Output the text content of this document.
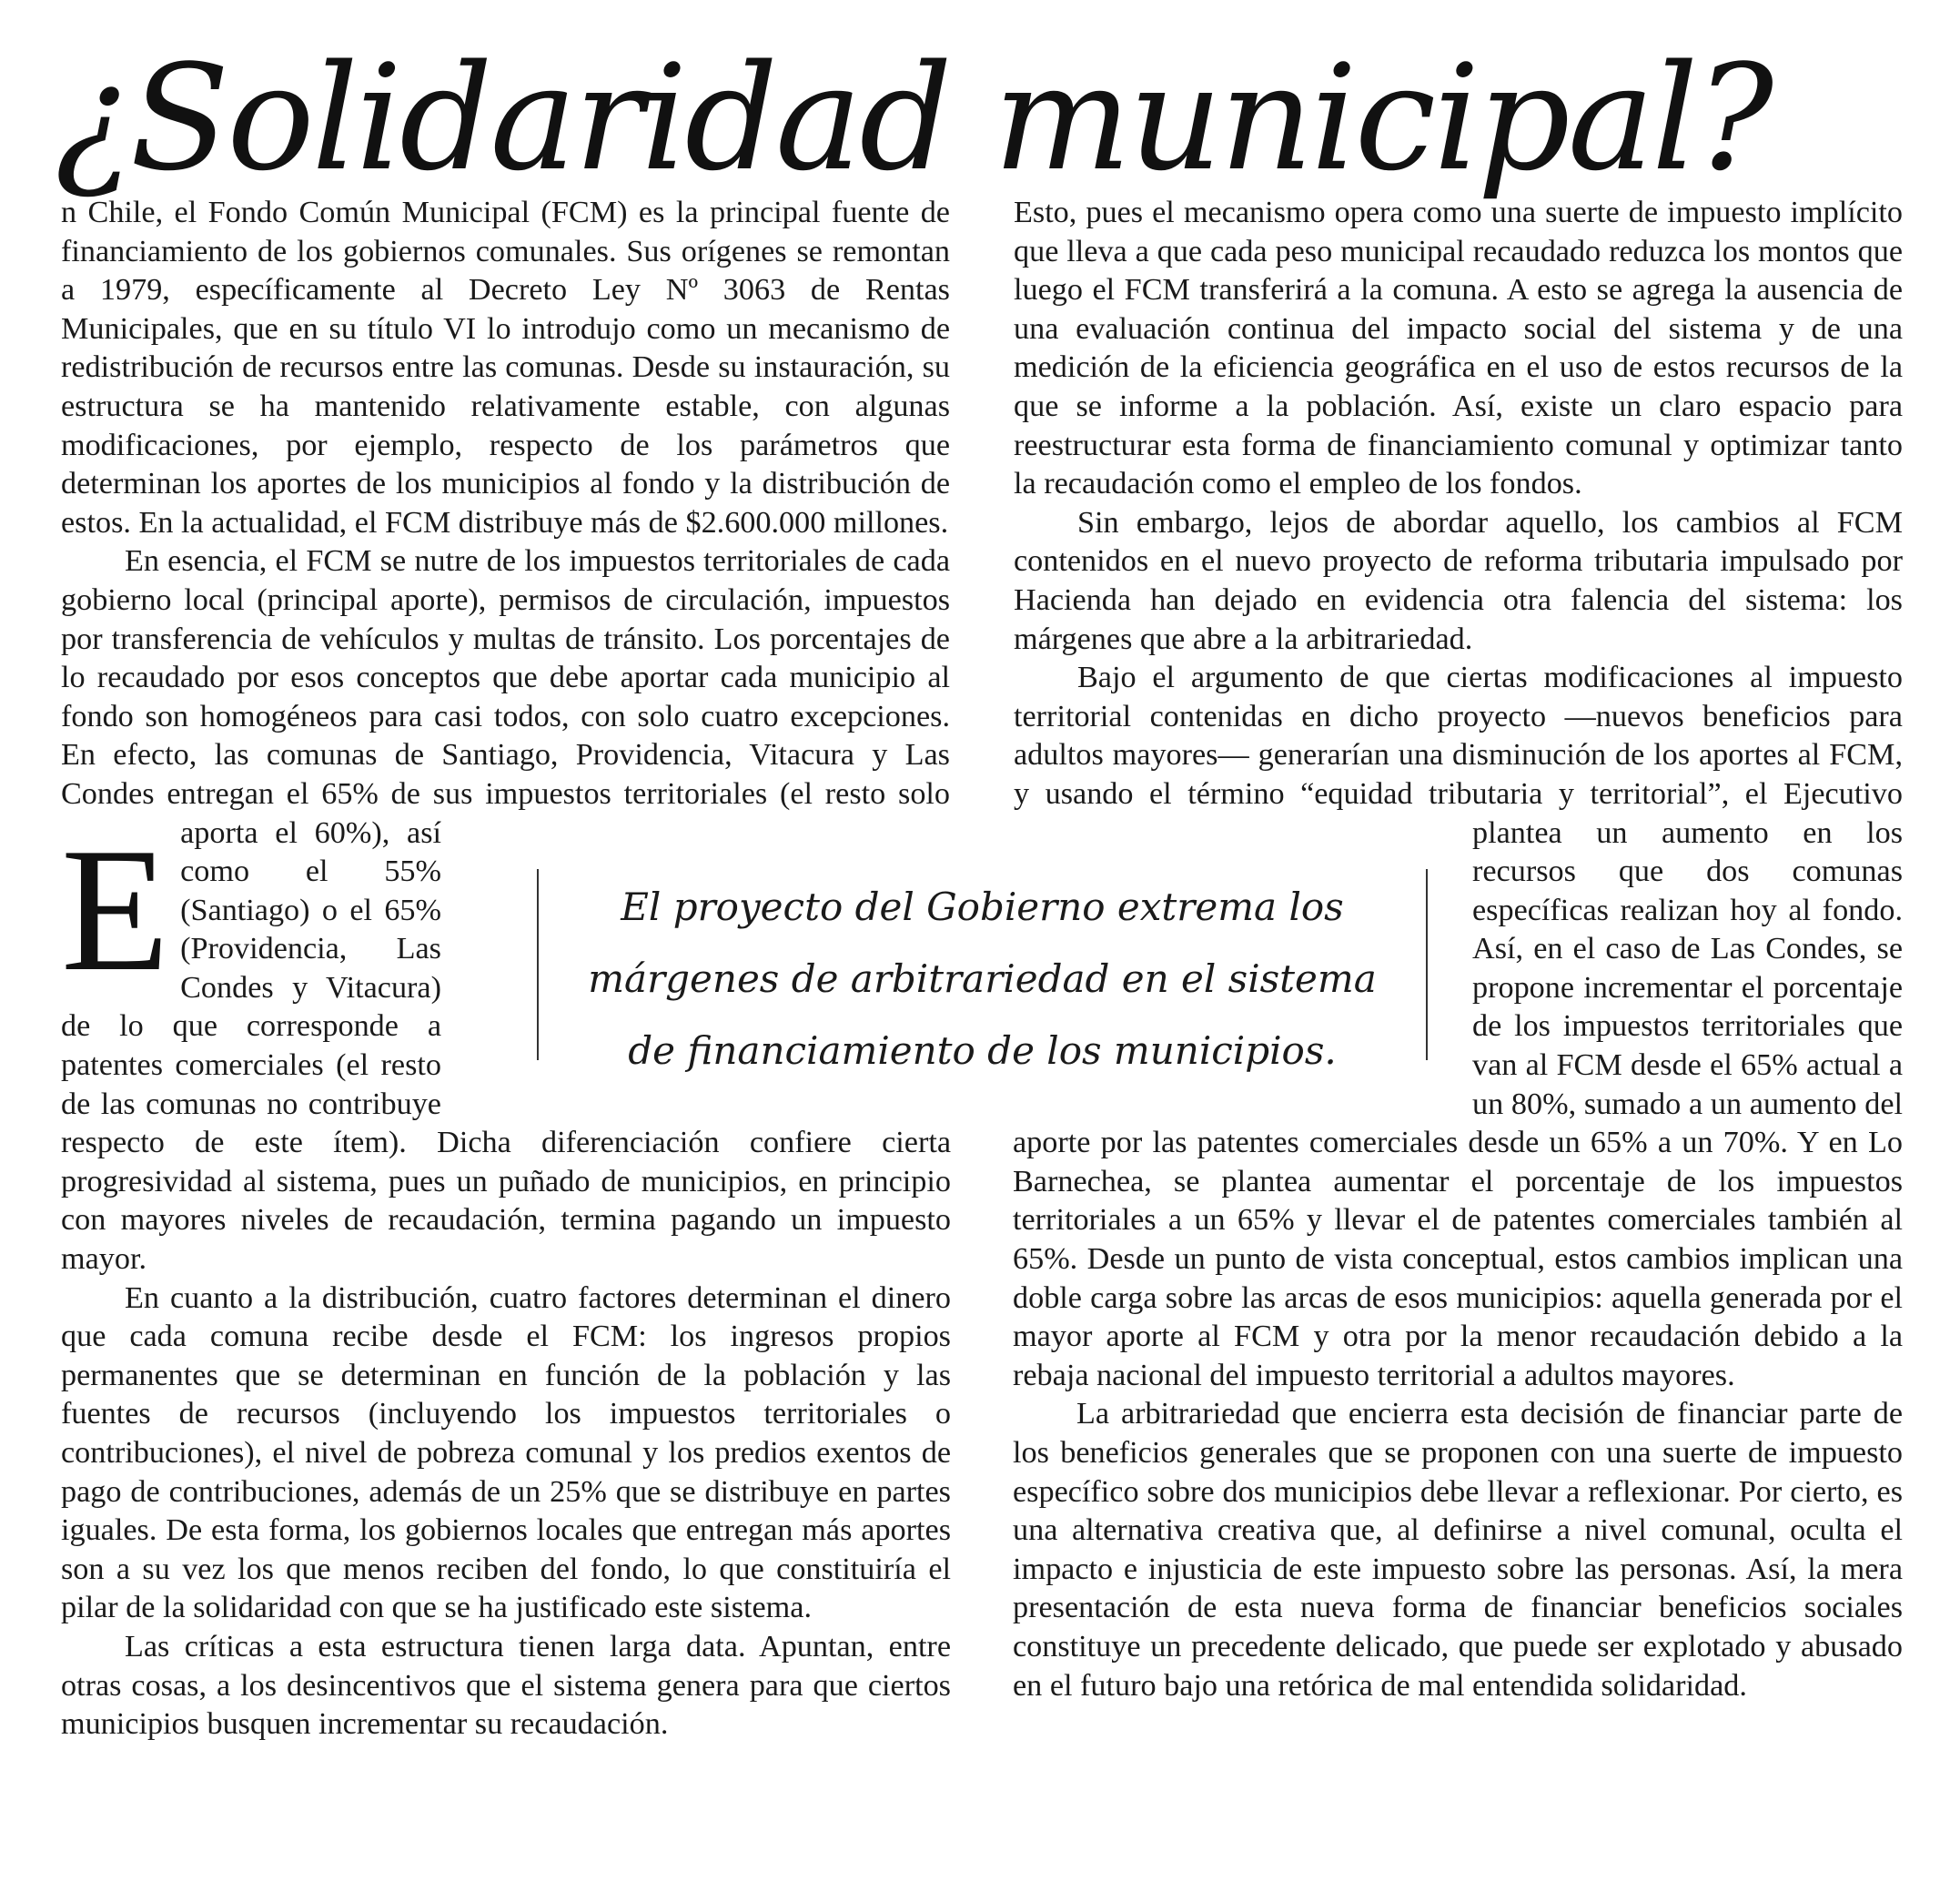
¿Solidaridad municipal?

E
n Chile, el Fondo Común Municipal (FCM) es la principal fuente de financiamiento de los gobiernos comunales. Sus orígenes se remontan a 1979, específicamente al Decreto Ley Nº 3063 de Rentas Municipales, que en su título VI lo introdujo como un mecanismo de redistribución de recursos entre las comunas. Desde su instauración, su estructura se ha mantenido relativamente estable, con algunas modificaciones, por ejemplo, respecto de los parámetros que determinan los aportes de los municipios al fondo y la distribución de estos. En la actualidad, el FCM distribuye más de $2.600.000 millones.

En esencia, el FCM se nutre de los impuestos territoriales de cada gobierno local (principal aporte), permisos de circulación, impuestos por transferencia de vehículos y multas de tránsito. Los porcentajes de lo recaudado por esos conceptos que debe aportar cada municipio al fondo son homogéneos para casi todos, con solo cuatro excepciones. En efecto, las comunas de Santiago, Providencia, Vitacura y Las Condes entregan el 65% de sus impuestos territoriales (el resto solo aporta el 60%), así como el 55% (Santiago) o el 65% (Providencia, Las Condes y Vitacura) de lo que corresponde a patentes comerciales (el resto de las comunas no contribuye respecto de este ítem). Dicha diferenciación confiere cierta progresividad al sistema, pues un puñado de municipios, en principio con mayores niveles de recaudación, termina pagando un impuesto mayor.

En cuanto a la distribución, cuatro factores determinan el dinero que cada comuna recibe desde el FCM: los ingresos propios permanentes que se determinan en función de la población y las fuentes de recursos (incluyendo los impuestos territoriales o contribuciones), el nivel de pobreza comunal y los predios exentos de pago de contribuciones, además de un 25% que se distribuye en partes iguales. De esta forma, los gobiernos locales que entregan más aportes son a su vez los que menos reciben del fondo, lo que constituiría el pilar de la solidaridad con que se ha justificado este sistema.

Las críticas a esta estructura tienen larga data. Apuntan, entre otras cosas, a los desincentivos que el sistema genera para que ciertos municipios busquen incrementar su recaudación.

Esto, pues el mecanismo opera como una suerte de impuesto implícito que lleva a que cada peso municipal recaudado reduzca los montos que luego el FCM transferirá a la comuna. A esto se agrega la ausencia de una evaluación continua del impacto social del sistema y de una medición de la eficiencia geográfica en el uso de estos recursos de la que se informe a la población. Así, existe un claro espacio para reestructurar esta forma de financiamiento comunal y optimizar tanto la recaudación como el empleo de los fondos.

Sin embargo, lejos de abordar aquello, los cambios al FCM contenidos en el nuevo proyecto de reforma tributaria impulsado por Hacienda han dejado en evidencia otra falencia del sistema: los márgenes que abre a la arbitrariedad.

Bajo el argumento de que ciertas modificaciones al impuesto territorial contenidas en dicho proyecto —nuevos beneficios para adultos mayores— generarían una disminución de los aportes al FCM, y usando el término “equidad tributaria y territorial”, el Ejecutivo plantea un aumento en los recursos que dos comunas específicas realizan hoy al fondo. Así, en el caso de Las Condes, se propone incrementar el porcentaje de los impuestos territoriales que van al FCM desde el 65% actual a un 80%, sumado a un aumento del aporte por las patentes comerciales desde un 65% a un 70%. Y en Lo Barnechea, se plantea aumentar el porcentaje de los impuestos territoriales a un 65% y llevar el de patentes comerciales también al 65%. Desde un punto de vista conceptual, estos cambios implican una doble carga sobre las arcas de esos municipios: aquella generada por el mayor aporte al FCM y otra por la menor recaudación debido a la rebaja nacional del impuesto territorial a adultos mayores.

La arbitrariedad que encierra esta decisión de financiar parte de los beneficios generales que se proponen con una suerte de impuesto específico sobre dos municipios debe llevar a reflexionar. Por cierto, es una alternativa creativa que, al definirse a nivel comunal, oculta el impacto e injusticia de este impuesto sobre las personas. Así, la mera presentación de esta nueva forma de financiar beneficios sociales constituye un precedente delicado, que puede ser explotado y abusado en el futuro bajo una retórica de mal entendida solidaridad.

El proyecto del Gobierno extrema los márgenes de arbitrariedad en el sistema de financiamiento de los municipios.
